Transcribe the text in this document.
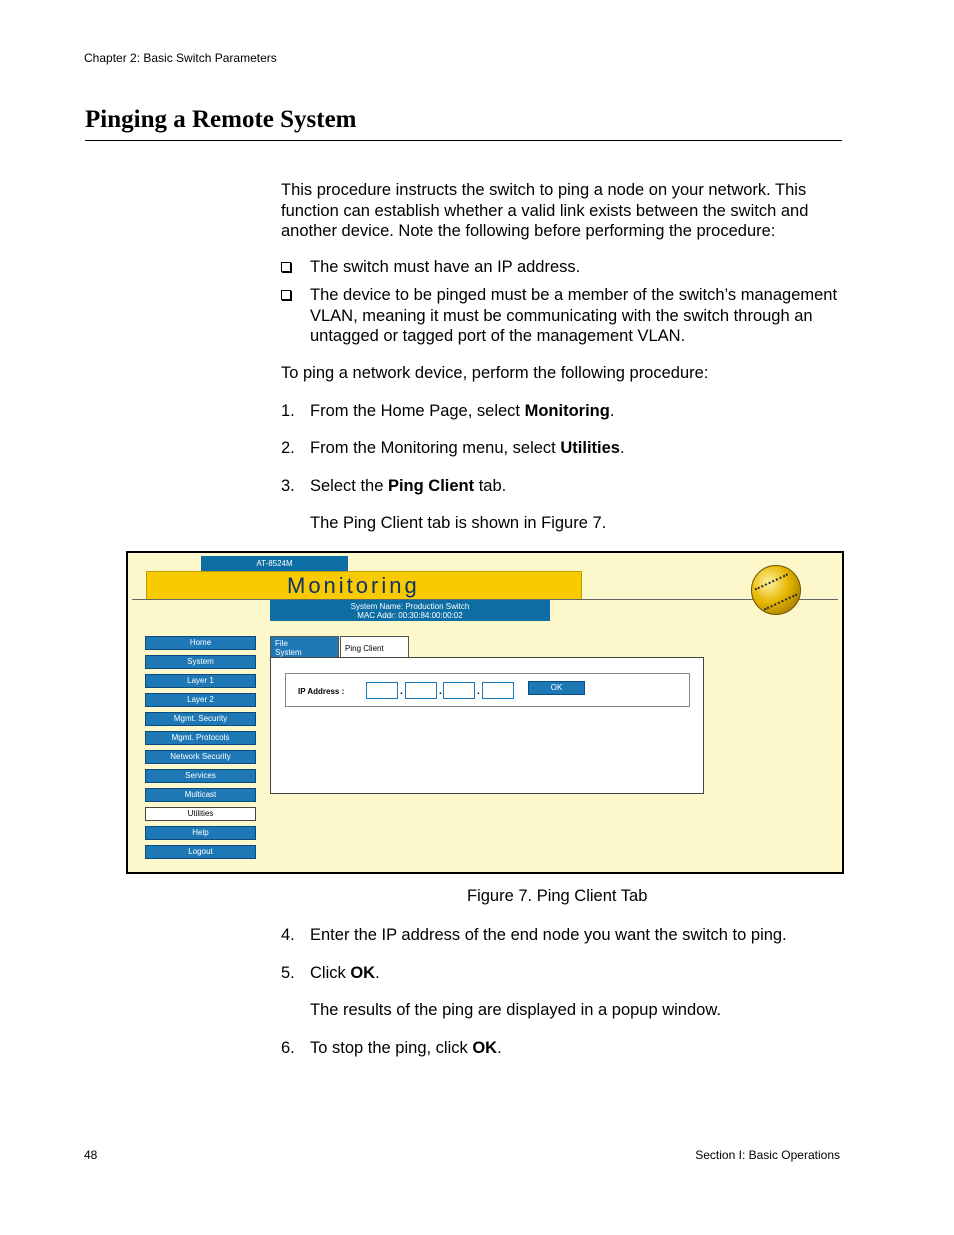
Chapter 2: Basic Switch Parameters
Pinging a Remote System
This procedure instructs the switch to ping a node on your network. This function can establish whether a valid link exists between the switch and another device. Note the following before performing the procedure:
The switch must have an IP address.
The device to be pinged must be a member of the switch’s management VLAN, meaning it must be communicating with the switch through an untagged or tagged port of the management VLAN.
To ping a network device, perform the following procedure:
1. From the Home Page, select Monitoring.
2. From the Monitoring menu, select Utilities.
3. Select the Ping Client tab.
The Ping Client tab is shown in Figure 7.
AT-8524M
Monitoring
System Name: Production Switch
MAC Addr: 00:30:84:00:00:02
Home
System
Layer 1
Layer 2
Mgmt. Security
Mgmt. Protocols
Network Security
Services
Multicast
Utilities
Help
Logout
File
System	Ping Client
IP Address :	.	.	.	OK
Figure 7. Ping Client Tab
4. Enter the IP address of the end node you want the switch to ping.
5. Click OK.
The results of the ping are displayed in a popup window.
6. To stop the ping, click OK.
48	Section I: Basic Operations
